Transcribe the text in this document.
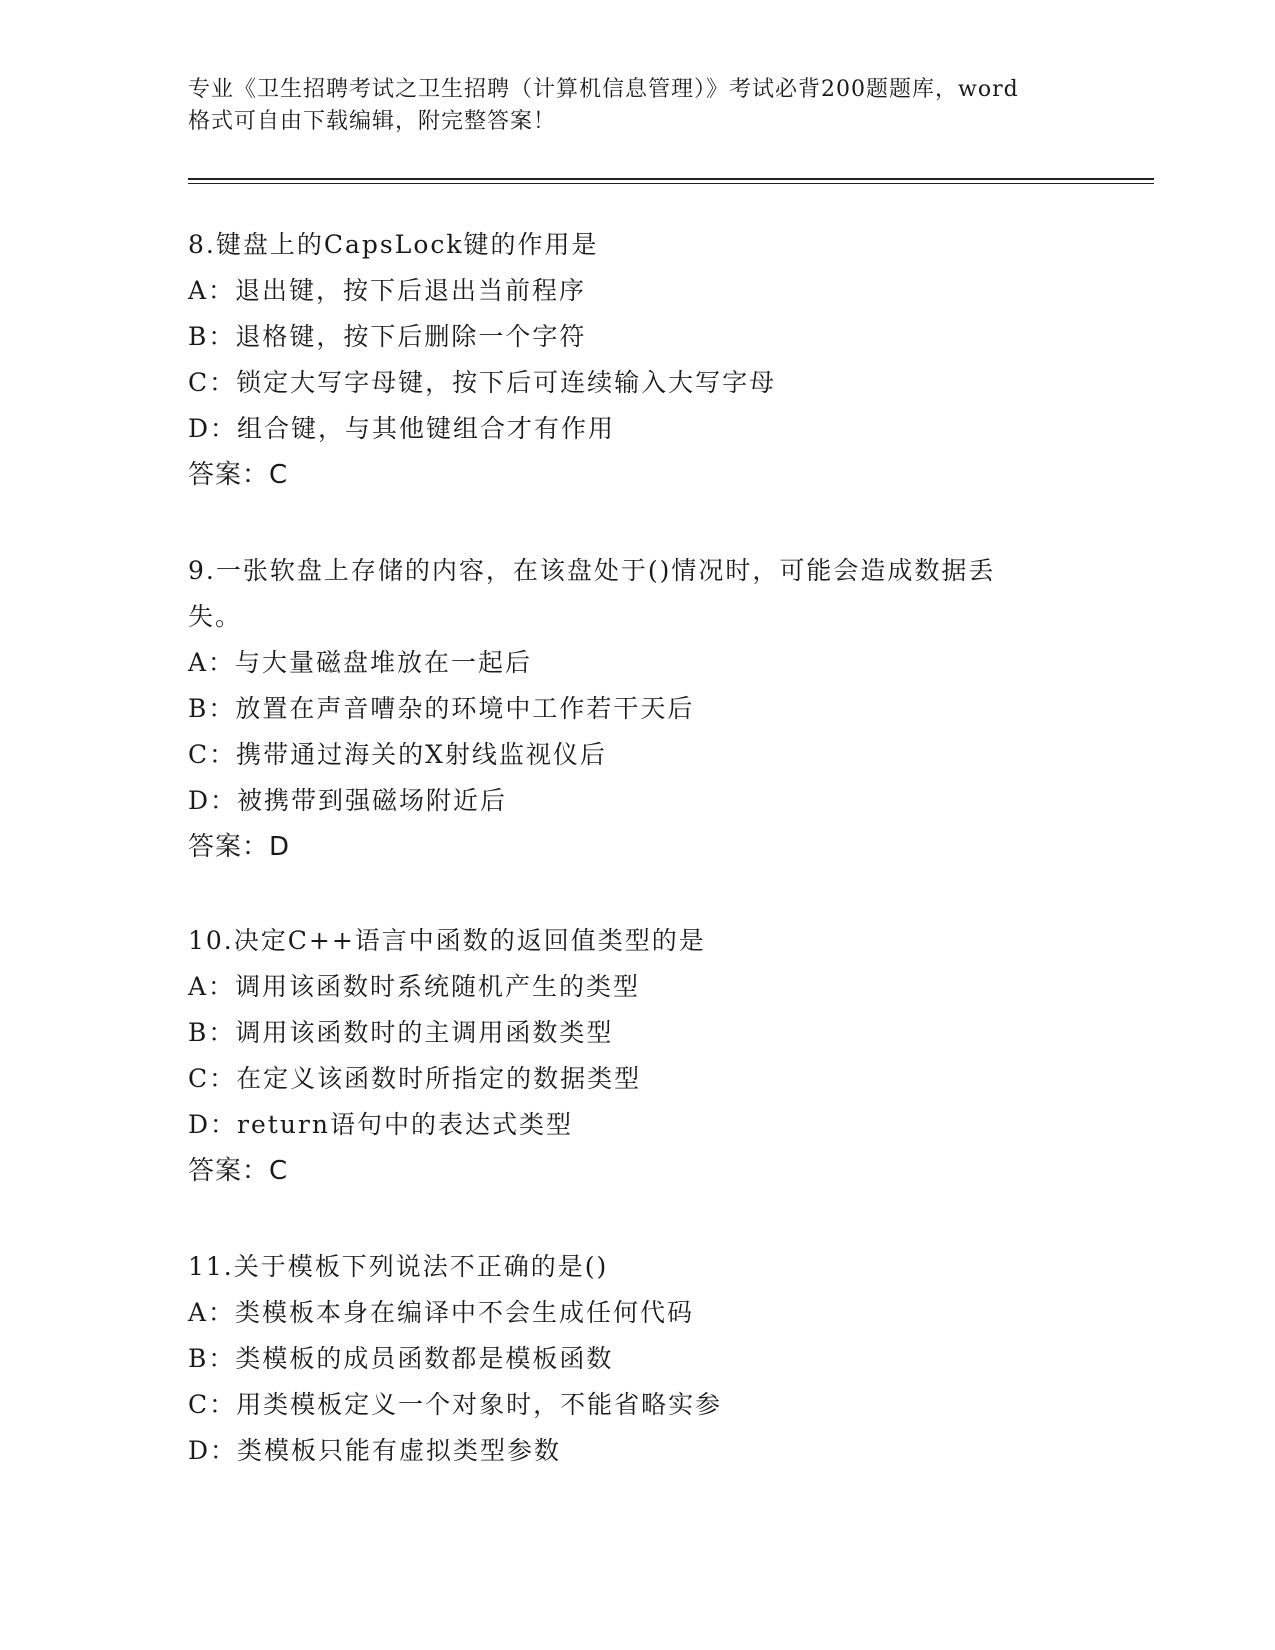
专业《卫生招聘考试之卫生招聘（计算机信息管理）》考试必背200题题库，word
格式可自由下载编辑，附完整答案！
8.键盘上的CapsLock键的作用是
A：退出键，按下后退出当前程序
B：退格键，按下后删除一个字符
C：锁定大写字母键，按下后可连续输入大写字母
D：组合键，与其他键组合才有作用
答案：C
9.一张软盘上存储的内容，在该盘处于()情况时，可能会造成数据丢
失。
A：与大量磁盘堆放在一起后
B：放置在声音嘈杂的环境中工作若干天后
C：携带通过海关的X射线监视仪后
D：被携带到强磁场附近后
答案：D
10.决定C++语言中函数的返回值类型的是
A：调用该函数时系统随机产生的类型
B：调用该函数时的主调用函数类型
C：在定义该函数时所指定的数据类型
D：return语句中的表达式类型
答案：C
11.关于模板下列说法不正确的是()
A：类模板本身在编译中不会生成任何代码
B：类模板的成员函数都是模板函数
C：用类模板定义一个对象时，不能省略实参
D：类模板只能有虚拟类型参数
